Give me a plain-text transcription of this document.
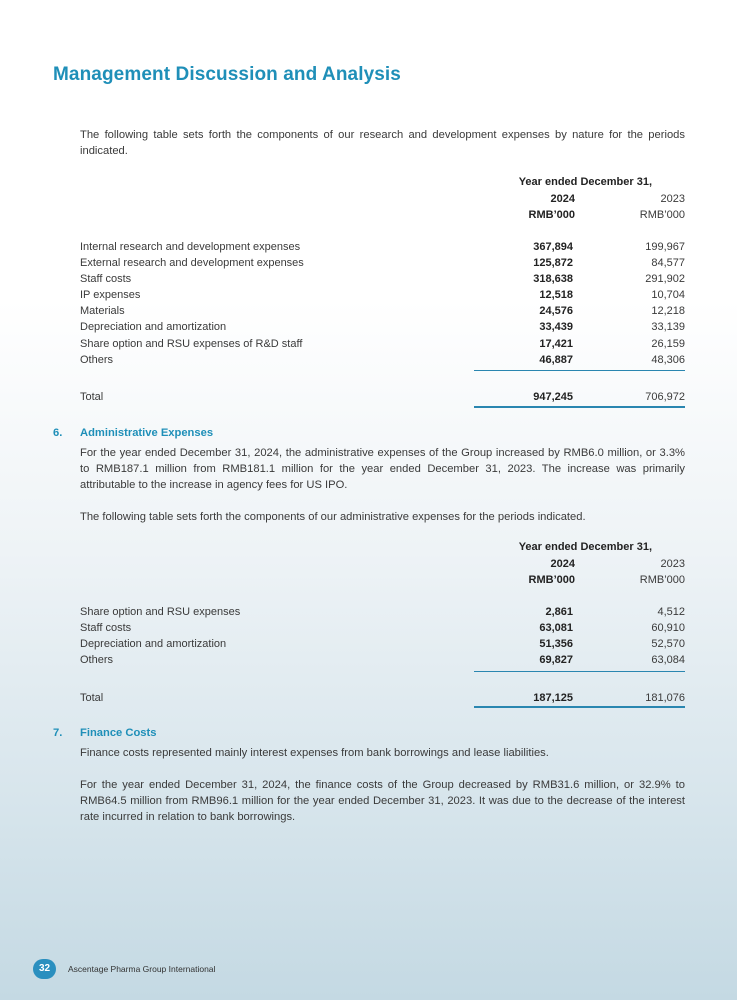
Management Discussion and Analysis
The following table sets forth the components of our research and development expenses by nature for the periods indicated.
Year ended December 31,
2024	2023
RMB’000	RMB’000
Internal research and development expenses	367,894	199,967
External research and development expenses	125,872	84,577
Staff costs	318,638	291,902
IP expenses	12,518	10,704
Materials	24,576	12,218
Depreciation and amortization	33,439	33,139
Share option and RSU expenses of R&D staff	17,421	26,159
Others	46,887	48,306
Total	947,245	706,972
6. Administrative Expenses
For the year ended December 31, 2024, the administrative expenses of the Group increased by RMB6.0 million, or 3.3% to RMB187.1 million from RMB181.1 million for the year ended December 31, 2023. The increase was primarily attributable to the increase in agency fees for US IPO.
The following table sets forth the components of our administrative expenses for the periods indicated.
Year ended December 31,
2024	2023
RMB’000	RMB’000
Share option and RSU expenses	2,861	4,512
Staff costs	63,081	60,910
Depreciation and amortization	51,356	52,570
Others	69,827	63,084
Total	187,125	181,076
7. Finance Costs
Finance costs represented mainly interest expenses from bank borrowings and lease liabilities.
For the year ended December 31, 2024, the finance costs of the Group decreased by RMB31.6 million, or 32.9% to RMB64.5 million from RMB96.1 million for the year ended December 31, 2023. It was due to the decrease of the interest rate incurred in relation to bank borrowings.
32	Ascentage Pharma Group International
